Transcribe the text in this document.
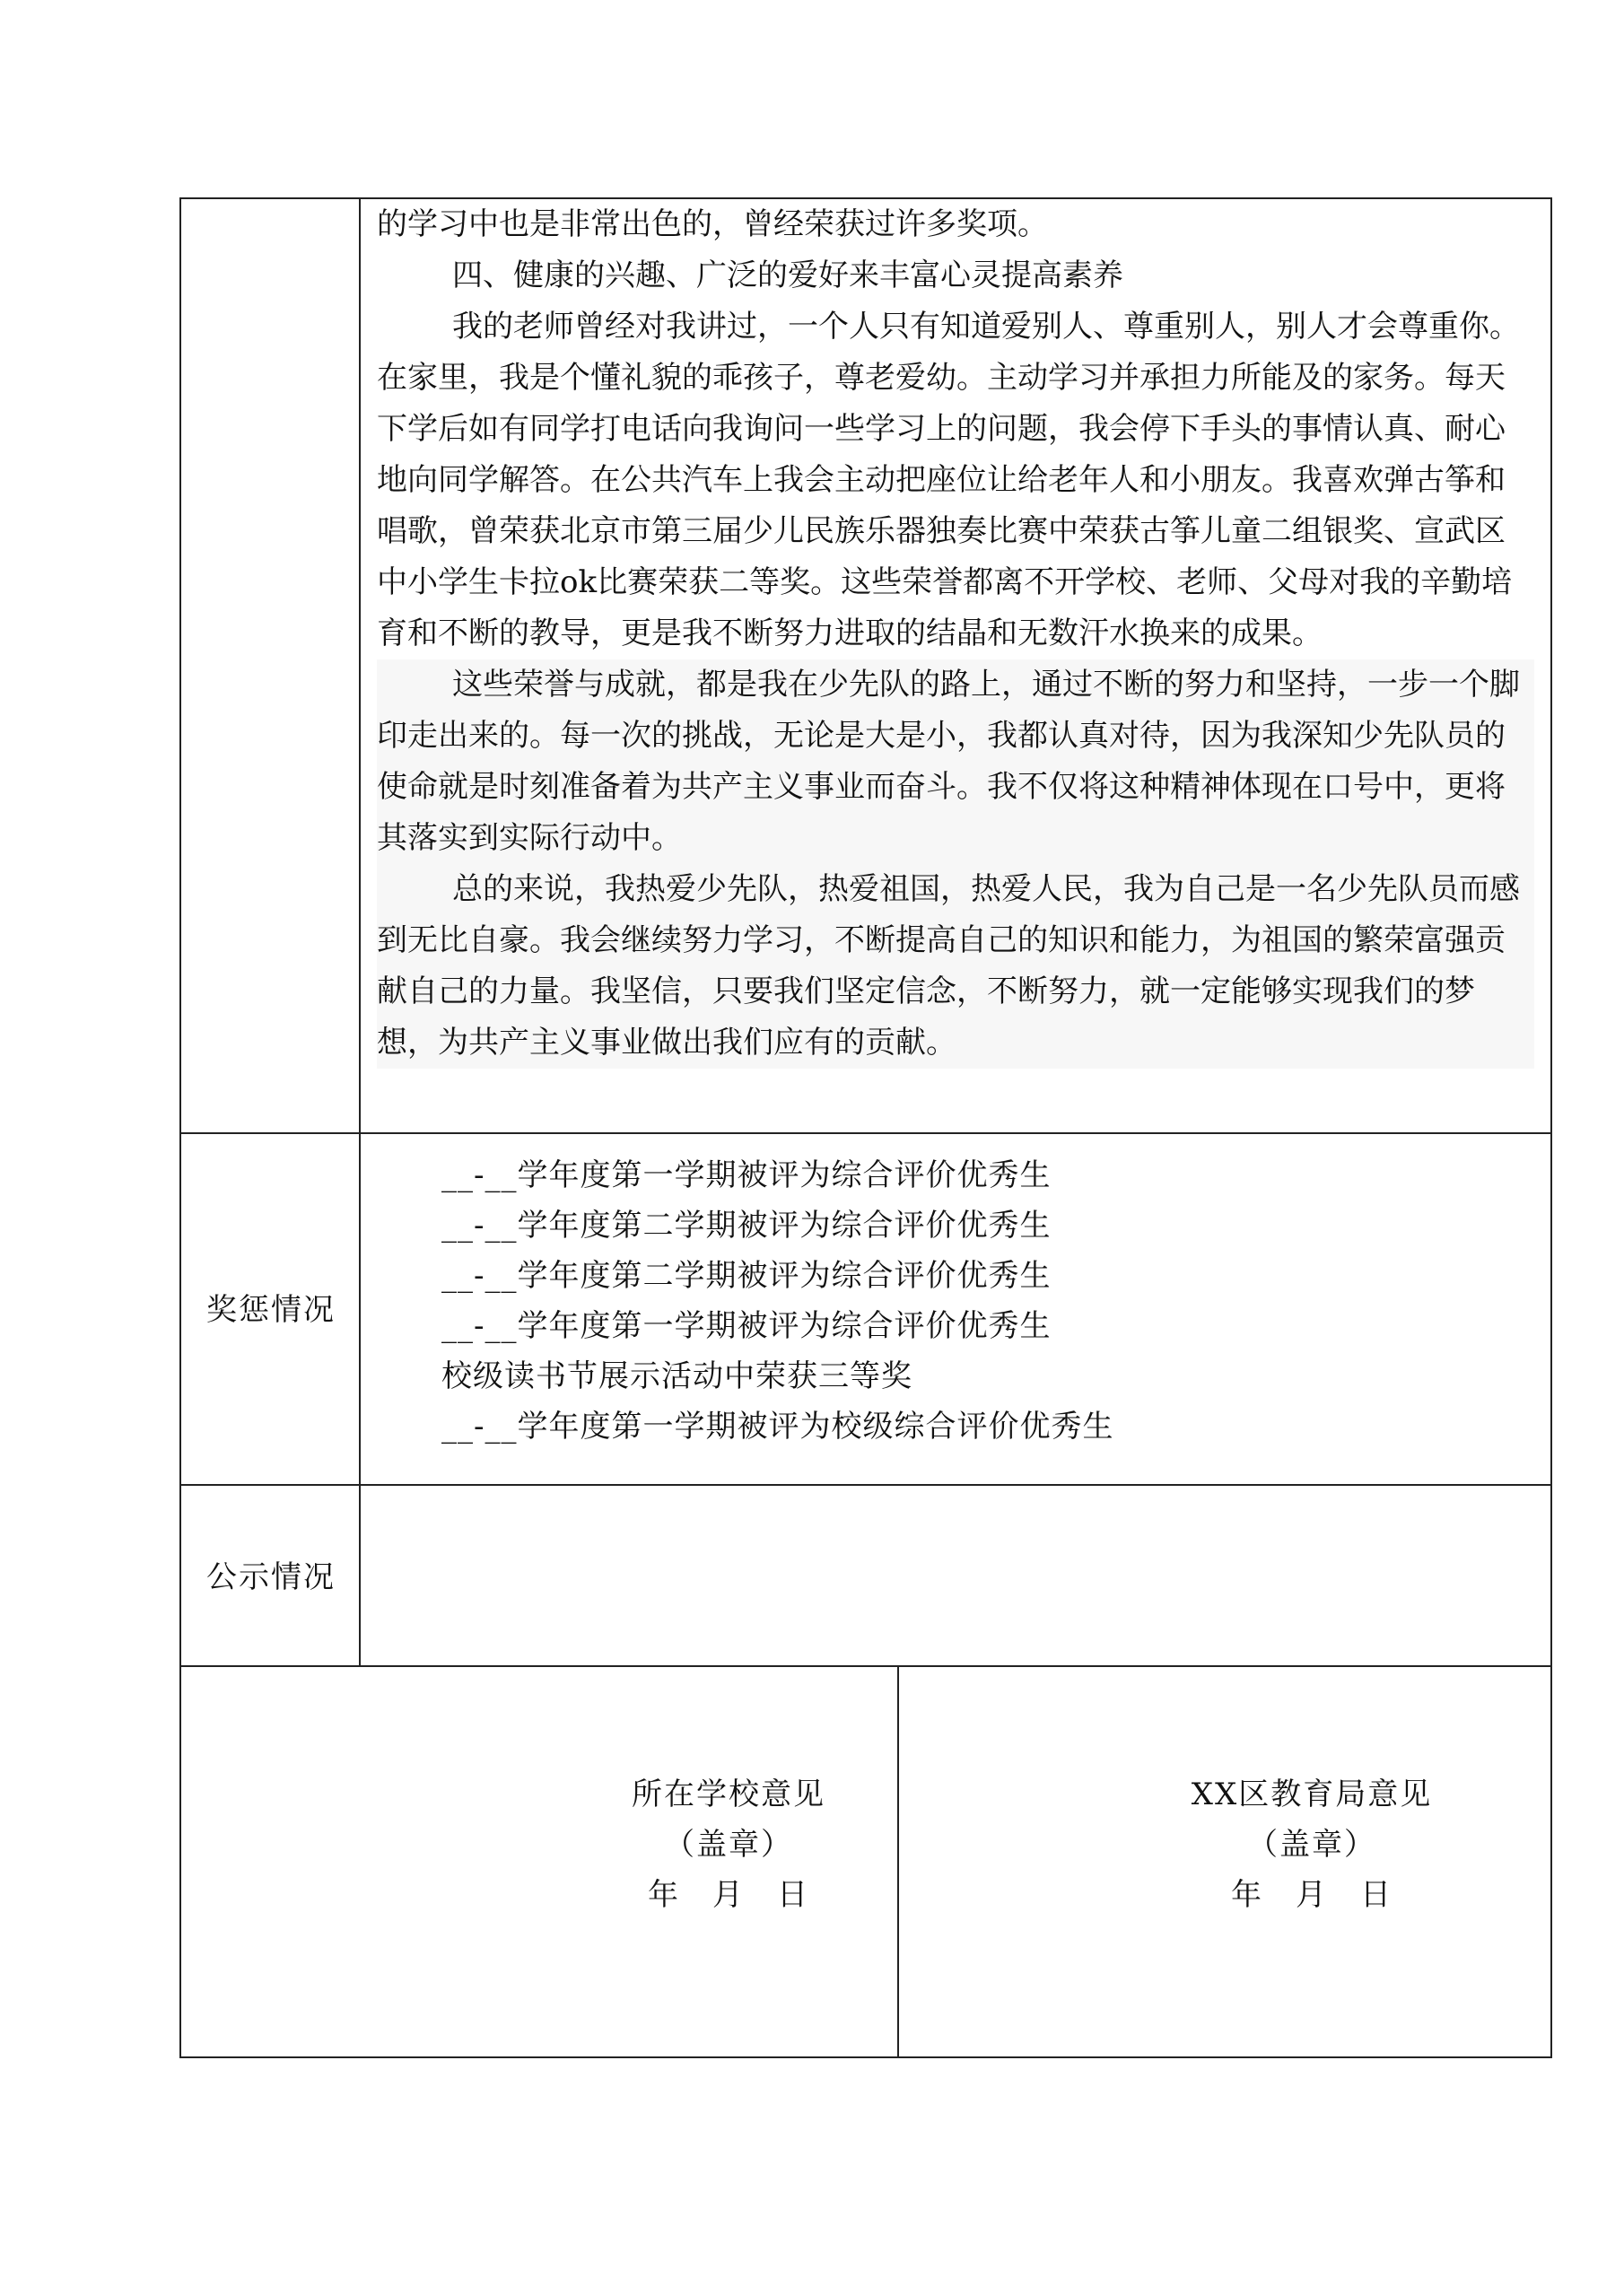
的学习中也是非常出色的，曾经荣获过许多奖项。

四、健康的兴趣、广泛的爱好来丰富心灵提高素养

我的老师曾经对我讲过，一个人只有知道爱别人、尊重别人，别人才会尊重你。在家里，我是个懂礼貌的乖孩子，尊老爱幼。主动学习并承担力所能及的家务。每天下学后如有同学打电话向我询问一些学习上的问题，我会停下手头的事情认真、耐心地向同学解答。在公共汽车上我会主动把座位让给老年人和小朋友。我喜欢弹古筝和唱歌，曾荣获北京市第三届少儿民族乐器独奏比赛中荣获古筝儿童二组银奖、宣武区中小学生卡拉ok比赛荣获二等奖。这些荣誉都离不开学校、老师、父母对我的辛勤培育和不断的教导，更是我不断努力进取的结晶和无数汗水换来的成果。

这些荣誉与成就，都是我在少先队的路上，通过不断的努力和坚持，一步一个脚印走出来的。每一次的挑战，无论是大是小，我都认真对待，因为我深知少先队员的使命就是时刻准备着为共产主义事业而奋斗。我不仅将这种精神体现在口号中，更将其落实到实际行动中。

总的来说，我热爱少先队，热爱祖国，热爱人民，我为自己是一名少先队员而感到无比自豪。我会继续努力学习，不断提高自己的知识和能力，为祖国的繁荣富强贡献自己的力量。我坚信，只要我们坚定信念，不断努力，就一定能够实现我们的梦想，为共产主义事业做出我们应有的贡献。

奖惩情况
__-__学年度第一学期被评为综合评价优秀生
__-__学年度第二学期被评为综合评价优秀生
__-__学年度第二学期被评为综合评价优秀生
__-__学年度第一学期被评为综合评价优秀生
校级读书节展示活动中荣获三等奖
__-__学年度第一学期被评为校级综合评价优秀生
公示情况
所在学校意见
（盖章）
年　月　日
XX区教育局意见
（盖章）
年　月　日
